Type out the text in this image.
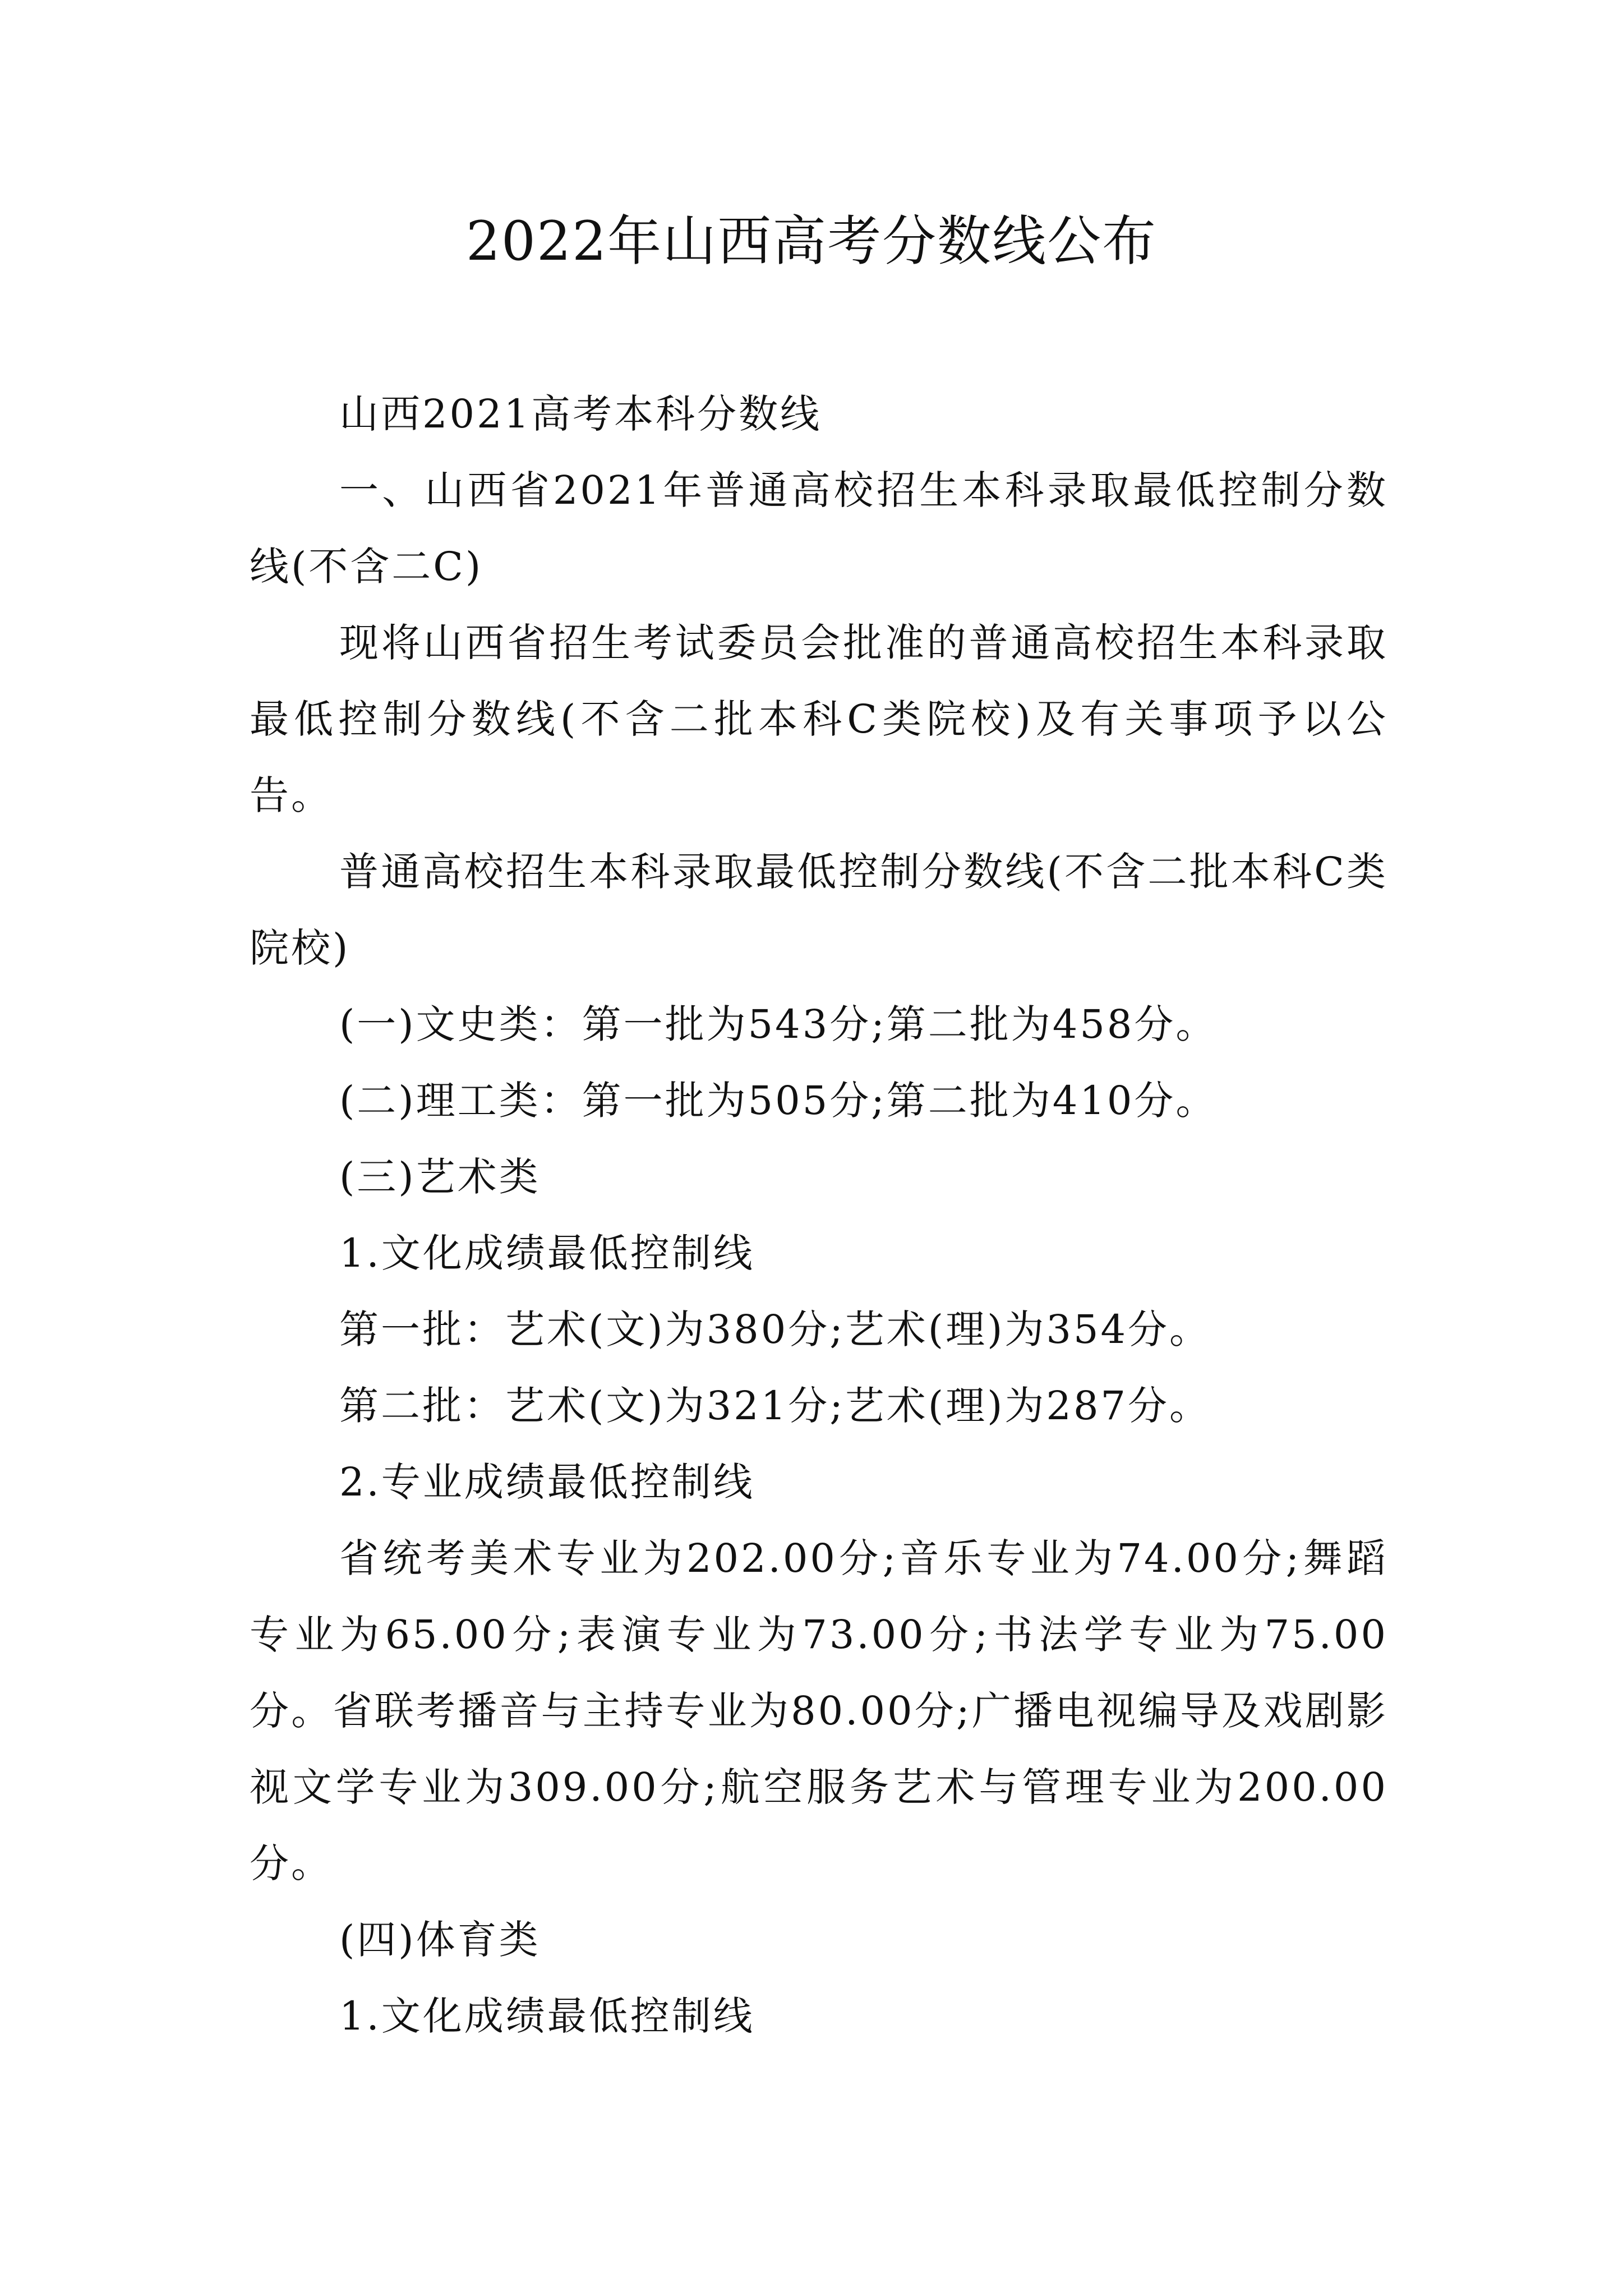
2022年山西高考分数线公布

山西2021高考本科分数线

一、山西省2021年普通高校招生本科录取最低控制分数线(不含二C)

现将山西省招生考试委员会批准的普通高校招生本科录取最低控制分数线(不含二批本科C类院校)及有关事项予以公告。

普通高校招生本科录取最低控制分数线(不含二批本科C类院校)

(一)文史类：第一批为543分;第二批为458分。

(二)理工类：第一批为505分;第二批为410分。

(三)艺术类

1.文化成绩最低控制线

第一批：艺术(文)为380分;艺术(理)为354分。

第二批：艺术(文)为321分;艺术(理)为287分。

2.专业成绩最低控制线

省统考美术专业为202.00分;音乐专业为74.00分;舞蹈专业为65.00分;表演专业为73.00分;书法学专业为75.00分。省联考播音与主持专业为80.00分;广播电视编导及戏剧影视文学专业为309.00分;航空服务艺术与管理专业为200.00分。

(四)体育类

1.文化成绩最低控制线
